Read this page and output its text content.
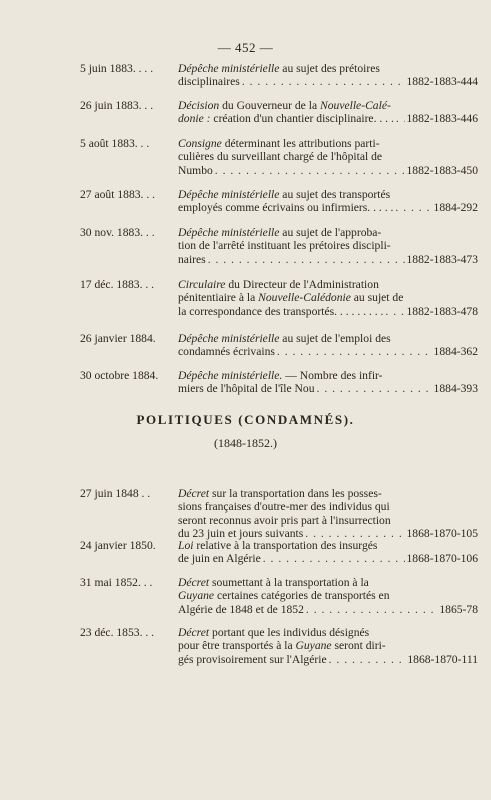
— 452 —
5 juin 1883. . . .	Dépêche ministérielle au sujet des prétoires
disciplinaires . . .	1882-1883-444
26 juin 1883. . .	Décision du Gouverneur de la Nouvelle-Calé-
donie : création d'un chantier disciplinaire. . . . . . . 1882-1883-446
5 août 1883. . .	Consigne déterminant les attributions parti-
culières du surveillant chargé de l'hôpital de
Numbo . . .	1882-1883-450
27 août 1883. . .	Dépêche ministérielle au sujet des transportés
employés comme écrivains ou infirmiers. . . . . . . .	1884-292
30 nov. 1883. . .	Dépêche ministérielle au sujet de l'approba-
tion de l'arrêté instituant les prétoires discipli-
naires . . .	1882-1883-473
17 déc. 1883. . .	Circulaire du Directeur de l'Administration
pénitentiaire à la Nouvelle-Calédonie au sujet de
la correspondance des transportés. . . . . . . . . . . . 1882-1883-478
26 janvier 1884.	Dépêche ministérielle au sujet de l'emploi des
condamnés écrivains . . .	1884-362
30 octobre 1884.	Dépêche ministérielle. — Nombre des infir-
miers de l'hôpital de l'île Nou . . .	1884-393
POLITIQUES (CONDAMNÉS).
(1848-1852.)
27 juin 1848 . .	Décret sur la transportation dans les posses-
sions françaises d'outre-mer des individus qui
seront reconnus avoir pris part à l'insurrection
du 23 juin et jours suivants . . .	1868-1870-105
24 janvier 1850.	Loi relative à la transportation des insurgés
de juin en Algérie . . .	1868-1870-106
31 mai 1852. . .	Décret soumettant à la transportation à la
Guyane certaines catégories de transportés en
Algérie de 1848 et de 1852 . . .	1865-78
23 déc. 1853. . .	Décret portant que les individus désignés
pour être transportés à la Guyane seront diri-
gés provisoirement sur l'Algérie . . .	1868-1870-111
